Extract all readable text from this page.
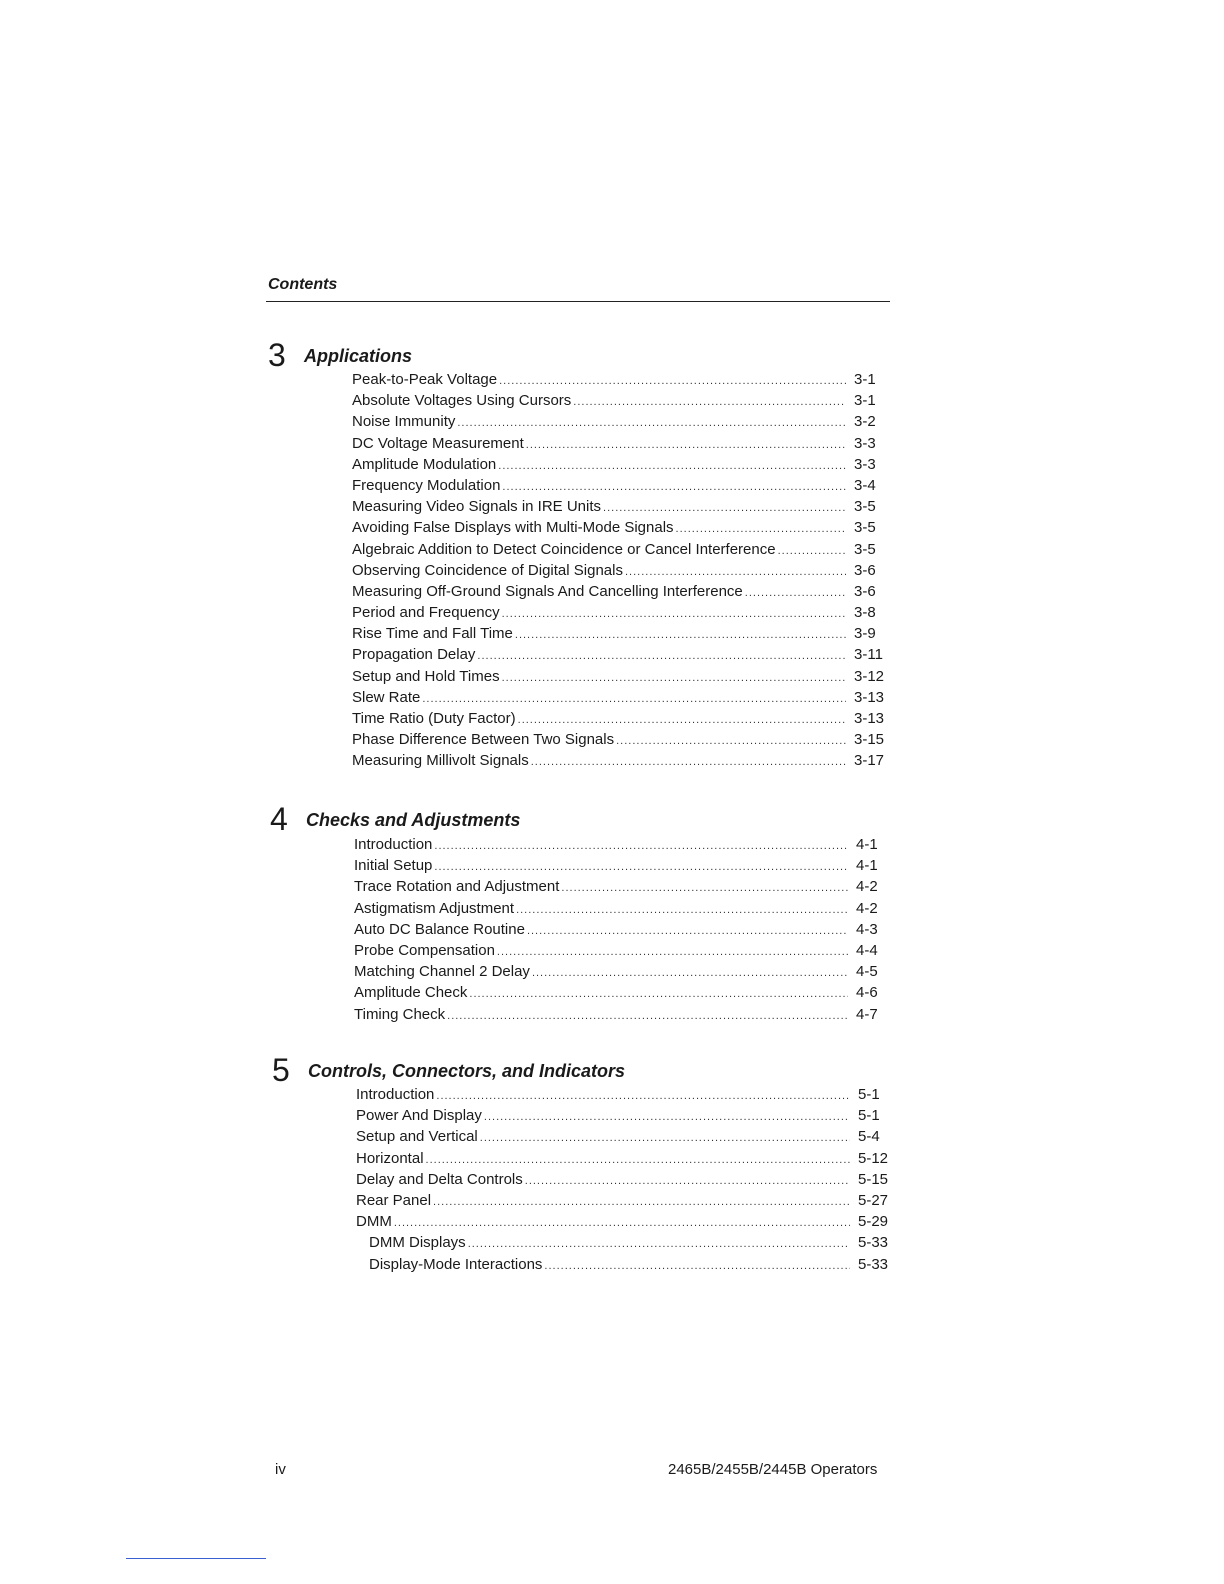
Contents
3 Applications
Peak-to-Peak Voltage .....	3-1
Absolute Voltages Using Cursors .....	3-1
Noise Immunity .....	3-2
DC Voltage Measurement .....	3-3
Amplitude Modulation .....	3-3
Frequency Modulation .....	3-4
Measuring Video Signals in IRE Units .....	3-5
Avoiding False Displays with Multi-Mode Signals .....	3-5
Algebraic Addition to Detect Coincidence or Cancel Interference .....	3-5
Observing Coincidence of Digital Signals .....	3-6
Measuring Off-Ground Signals And Cancelling Interference .....	3-6
Period and Frequency .....	3-8
Rise Time and Fall Time .....	3-9
Propagation Delay .....	3-11
Setup and Hold Times .....	3-12
Slew Rate .....	3-13
Time Ratio (Duty Factor) .....	3-13
Phase Difference Between Two Signals .....	3-15
Measuring Millivolt Signals .....	3-17
4 Checks and Adjustments
Introduction .....	4-1
Initial Setup .....	4-1
Trace Rotation and Adjustment .....	4-2
Astigmatism Adjustment .....	4-2
Auto DC Balance Routine .....	4-3
Probe Compensation .....	4-4
Matching Channel 2 Delay .....	4-5
Amplitude Check .....	4-6
Timing Check .....	4-7
5 Controls, Connectors, and Indicators
Introduction .....	5-1
Power And Display .....	5-1
Setup and Vertical .....	5-4
Horizontal .....	5-12
Delay and Delta Controls .....	5-15
Rear Panel .....	5-27
DMM .....	5-29
DMM Displays .....	5-33
Display-Mode Interactions .....	5-33
iv	2465B/2455B/2445B Operators
